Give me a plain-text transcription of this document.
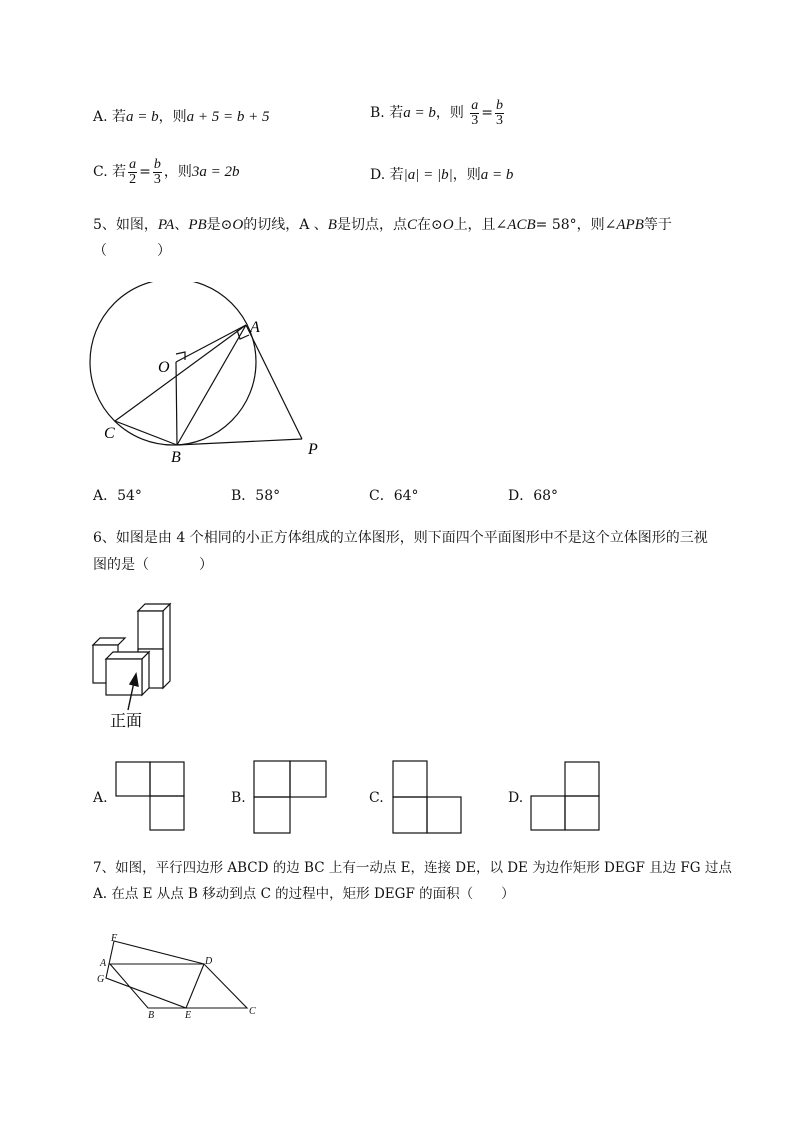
A. 若a = b，则a + 5 = b + 5	B. 若a = b，则 $\frac{a}{3} = \frac{b}{3}$
C. 若 $\frac{a}{2} = \frac{b}{3}$ ，则3a = 2b	D. 若|a| = |b|，则a = b
5、如图，PA、PB是⊙O的切线，A 、B是切点，点C在⊙O上，且∠ACB= 58°，则∠APB等于
（	）
A
O
C
B	P
A．54°	B．58°	C．64°	D．68°
6、如图是由 4 个相同的小正方体组成的立体图形，则下面四个平面图形中不是这个立体图形的三视
图的是（	）
正面
A.	B.	C.	D.
7、如图，平行四边形 ABCD 的边 BC 上有一动点 E，连接 DE，以 DE 为边作矩形 DEGF 且边 FG 过点
A. 在点 E 从点 B 移动到点 C 的过程中，矩形 DEGF 的面积（ ）
F
A
G
D
B	E	C
